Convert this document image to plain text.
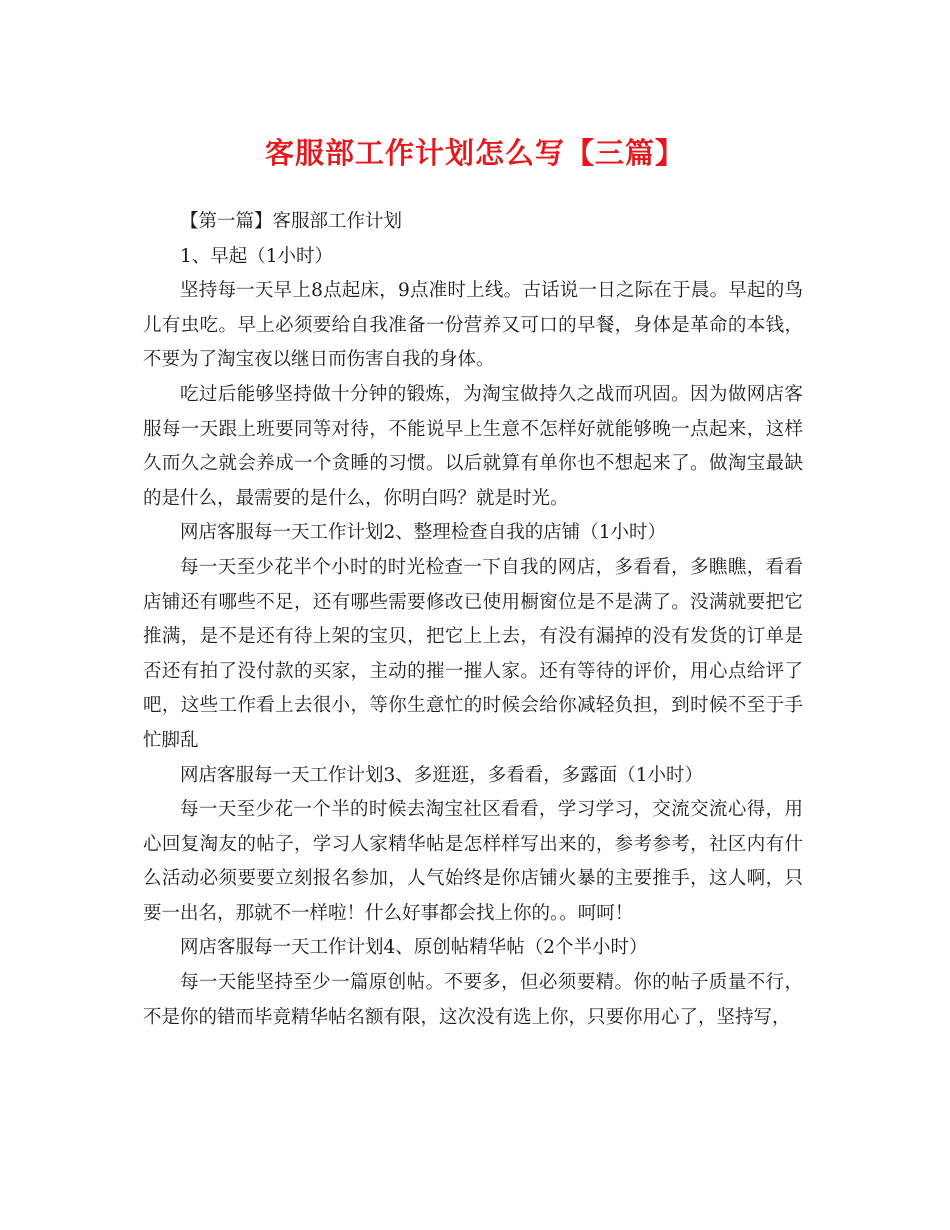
客服部工作计划怎么写【三篇】

【第一篇】客服部工作计划

1、早起（1小时）

坚持每一天早上8点起床，9点准时上线。古话说一日之际在于晨。早起的鸟儿有虫吃。早上必须要给自我准备一份营养又可口的早餐，身体是革命的本钱，不要为了淘宝夜以继日而伤害自我的身体。

吃过后能够坚持做十分钟的锻炼，为淘宝做持久之战而巩固。因为做网店客服每一天跟上班要同等对待，不能说早上生意不怎样好就能够晚一点起来，这样久而久之就会养成一个贪睡的习惯。以后就算有单你也不想起来了。做淘宝最缺的是什么，最需要的是什么，你明白吗？就是时光。

网店客服每一天工作计划2、整理检查自我的店铺（1小时）

每一天至少花半个小时的时光检查一下自我的网店，多看看，多瞧瞧，看看店铺还有哪些不足，还有哪些需要修改已使用橱窗位是不是满了。没满就要把它推满，是不是还有待上架的宝贝，把它上上去，有没有漏掉的没有发货的订单是否还有拍了没付款的买家，主动的摧一摧人家。还有等待的评价，用心点给评了吧，这些工作看上去很小，等你生意忙的时候会给你减轻负担，到时候不至于手忙脚乱

网店客服每一天工作计划3、多逛逛，多看看，多露面（1小时）

每一天至少花一个半的时候去淘宝社区看看，学习学习，交流交流心得，用心回复淘友的帖子，学习人家精华帖是怎样样写出来的，参考参考，社区内有什么活动必须要要立刻报名参加，人气始终是你店铺火暴的主要推手，这人啊，只要一出名，那就不一样啦！什么好事都会找上你的。。呵呵！

网店客服每一天工作计划4、原创帖精华帖（2个半小时）

每一天能坚持至少一篇原创帖。不要多，但必须要精。你的帖子质量不行，不是你的错而毕竟精华帖名额有限，这次没有选上你，只要你用心了，坚持写，
